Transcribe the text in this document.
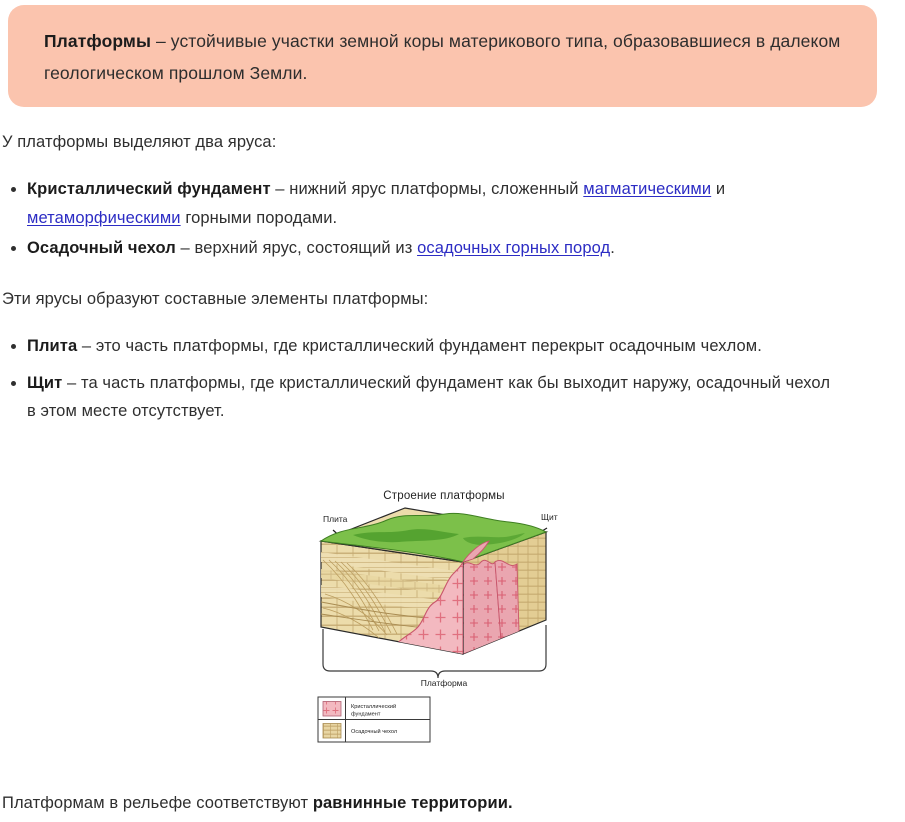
Платформы – устойчивые участки земной коры материкового типа, образовавшиеся в далеком геологическом прошлом Земли.
У платформы выделяют два яруса:
Кристаллический фундамент – нижний ярус платформы, сложенный магматическими и метаморфическими горными породами.
Осадочный чехол – верхний ярус, состоящий из осадочных горных пород.
Эти ярусы образуют составные элементы платформы:
Плита – это часть платформы, где кристаллический фундамент перекрыт осадочным чехлом.
Щит – та часть платформы, где кристаллический фундамент как бы выходит наружу, осадочный чехол в этом месте отсутствует.
Строение платформы
Плита	Щит
Платформа
Кристаллический
фундамент
Осадочный чехол
Платформам в рельефе соответствуют равнинные территории.
